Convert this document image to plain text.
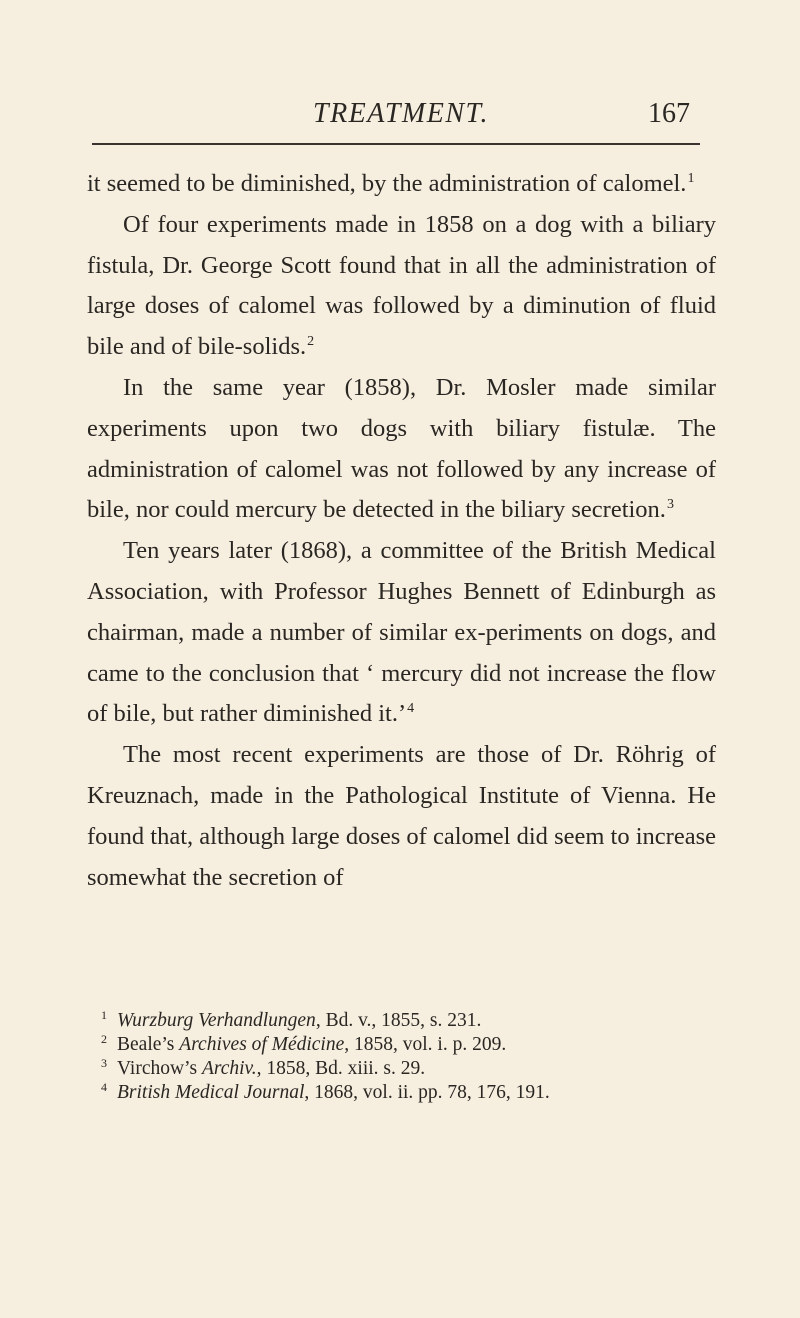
TREATMENT.	167

it seemed to be diminished, by the administration of calomel.$^1$

Of four experiments made in 1858 on a dog with a biliary fistula, Dr. George Scott found that in all the administration of large doses of calomel was followed by a diminution of fluid bile and of bile-solids.$^2$

In the same year (1858), Dr. Mosler made similar experiments upon two dogs with biliary fistulæ. The administration of calomel was not followed by any increase of bile, nor could mercury be detected in the biliary secretion.$^3$

Ten years later (1868), a committee of the British Medical Association, with Professor Hughes Bennett of Edinburgh as chairman, made a number of similar ex-periments on dogs, and came to the conclusion that ‘ mercury did not increase the flow of bile, but rather diminished it.’$^4$

The most recent experiments are those of Dr. Röhrig of Kreuznach, made in the Pathological Institute of Vienna. He found that, although large doses of calomel did seem to increase somewhat the secretion of

1 Wurzburg Verhandlungen, Bd. v., 1855, s. 231.

2 Beale’s Archives of Médicine, 1858, vol. i. p. 209.

3 Virchow’s Archiv., 1858, Bd. xiii. s. 29.

4 British Medical Journal, 1868, vol. ii. pp. 78, 176, 191.
